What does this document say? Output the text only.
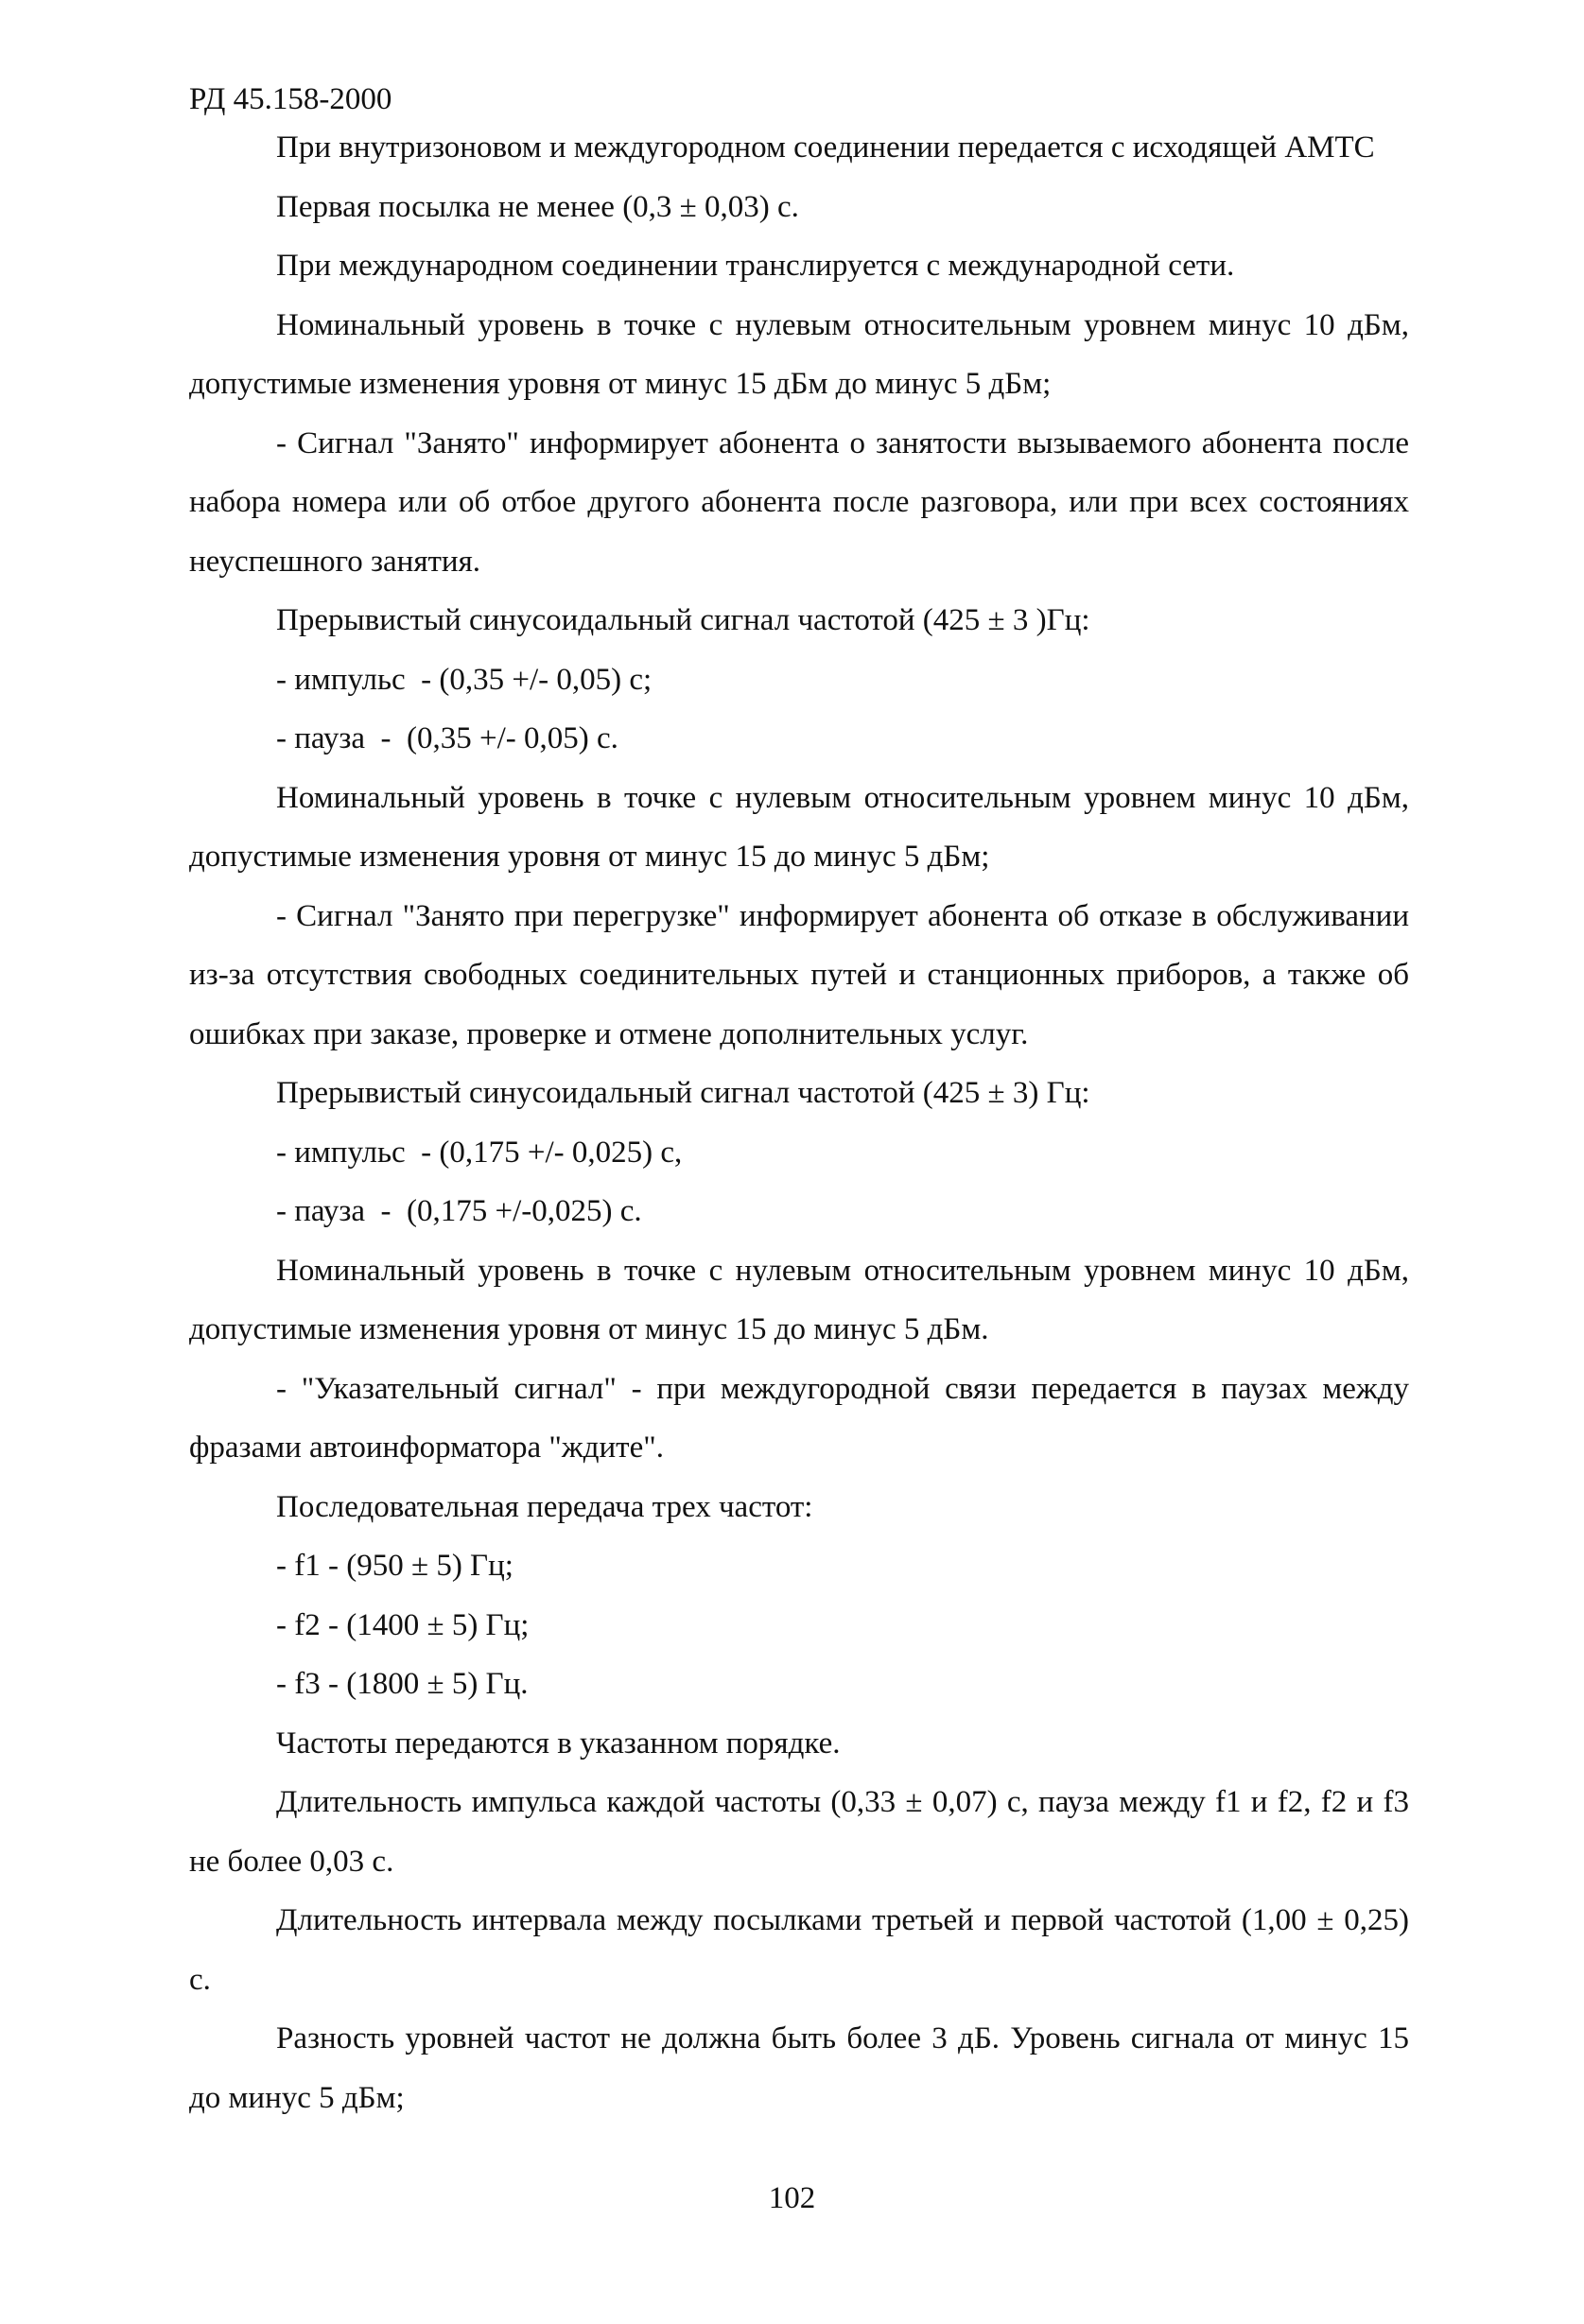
РД 45.158-2000

При внутризоновом и междугородном соединении передается с исходящей АМТС

Первая посылка не менее (0,3 ± 0,03) с.

При международном соединении транслируется с международной сети.

Номинальный уровень в точке с нулевым относительным уровнем минус 10 дБм, допустимые изменения уровня от минус 15 дБм до минус 5 дБм;

- Сигнал "Занято" информирует абонента о занятости вызываемого абонента после набора номера или об отбое другого абонента после разговора, или при всех состояниях неуспешного занятия.

Прерывистый синусоидальный сигнал частотой (425 ± 3 )Гц:

- импульс  - (0,35 +/- 0,05) с;

- пауза  -  (0,35 +/- 0,05) с.

Номинальный уровень в точке с нулевым относительным уровнем минус 10 дБм, допустимые изменения уровня от минус 15 до минус 5 дБм;

- Сигнал "Занято при перегрузке" информирует абонента об отказе в обслуживании из-за отсутствия свободных соединительных путей и станционных приборов, а также об ошибках при заказе, проверке и отмене дополнительных услуг.

Прерывистый синусоидальный сигнал частотой (425 ± 3) Гц:

- импульс  - (0,175 +/- 0,025) с,

- пауза  -  (0,175 +/-0,025) с.

Номинальный уровень в точке с нулевым относительным уровнем минус 10 дБм, допустимые изменения уровня от минус 15 до минус 5 дБм.

- "Указательный сигнал" - при междугородной связи передается в паузах между фразами автоинформатора "ждите".

Последовательная передача трех частот:

- f1 - (950 ± 5) Гц;

- f2 - (1400 ± 5) Гц;

- f3 - (1800 ± 5) Гц.

Частоты передаются в указанном порядке.

Длительность импульса каждой частоты (0,33 ± 0,07) с, пауза между f1 и f2, f2 и f3 не более 0,03 с.

Длительность интервала между посылками третьей и первой частотой (1,00 ± 0,25) с.

Разность уровней частот не должна быть более 3 дБ. Уровень сигнала от минус 15 до минус 5 дБм;

102
